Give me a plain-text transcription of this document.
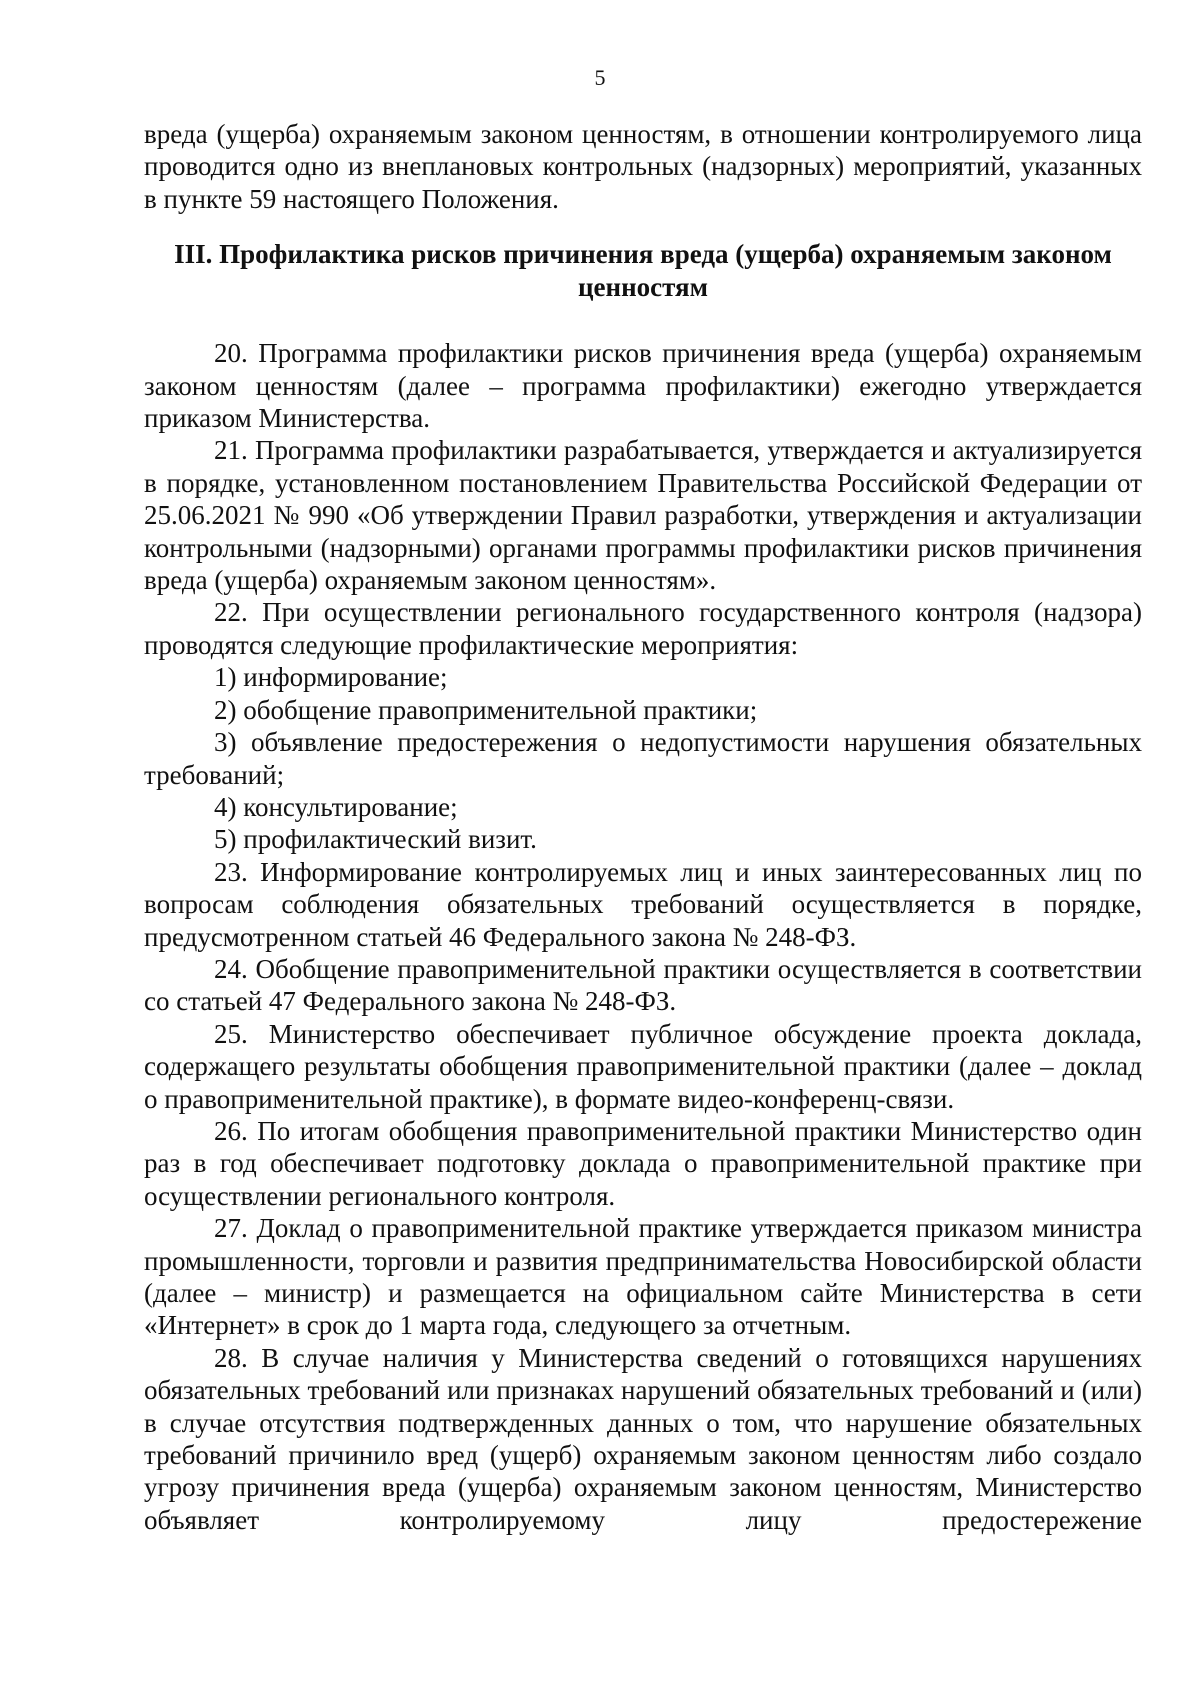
5

вреда (ущерба) охраняемым законом ценностям, в отношении контролируемого лица проводится одно из внеплановых контрольных (надзорных) мероприятий, указанных в пункте 59 настоящего Положения.

III. Профилактика рисков причинения вреда (ущерба) охраняемым законом ценностям

20. Программа профилактики рисков причинения вреда (ущерба) охраняемым законом ценностям (далее – программа профилактики) ежегодно утверждается приказом Министерства.

21. Программа профилактики разрабатывается, утверждается и актуализируется в порядке, установленном постановлением Правительства Российской Федерации от 25.06.2021 № 990 «Об утверждении Правил разработки, утверждения и актуализации контрольными (надзорными) органами программы профилактики рисков причинения вреда (ущерба) охраняемым законом ценностям».

22. При осуществлении регионального государственного контроля (надзора) проводятся следующие профилактические мероприятия:

1) информирование;

2) обобщение правоприменительной практики;

3) объявление предостережения о недопустимости нарушения обязательных требований;

4) консультирование;

5) профилактический визит.

23. Информирование контролируемых лиц и иных заинтересованных лиц по вопросам соблюдения обязательных требований осуществляется в порядке, предусмотренном статьей 46 Федерального закона № 248-ФЗ.

24. Обобщение правоприменительной практики осуществляется в соответствии со статьей 47 Федерального закона № 248-ФЗ.

25. Министерство обеспечивает публичное обсуждение проекта доклада, содержащего результаты обобщения правоприменительной практики (далее – доклад о правоприменительной практике), в формате видео-конференц-связи.

26. По итогам обобщения правоприменительной практики Министерство один раз в год обеспечивает подготовку доклада о правоприменительной практике при осуществлении регионального контроля.

27. Доклад о правоприменительной практике утверждается приказом министра промышленности, торговли и развития предпринимательства Новосибирской области (далее – министр) и размещается на официальном сайте Министерства в сети «Интернет» в срок до 1 марта года, следующего за отчетным.

28. В случае наличия у Министерства сведений о готовящихся нарушениях обязательных требований или признаках нарушений обязательных требований и (или) в случае отсутствия подтвержденных данных о том, что нарушение обязательных требований причинило вред (ущерб) охраняемым законом ценностям либо создало угрозу причинения вреда (ущерба) охраняемым законом ценностям, Министерство объявляет контролируемому лицу предостережение
